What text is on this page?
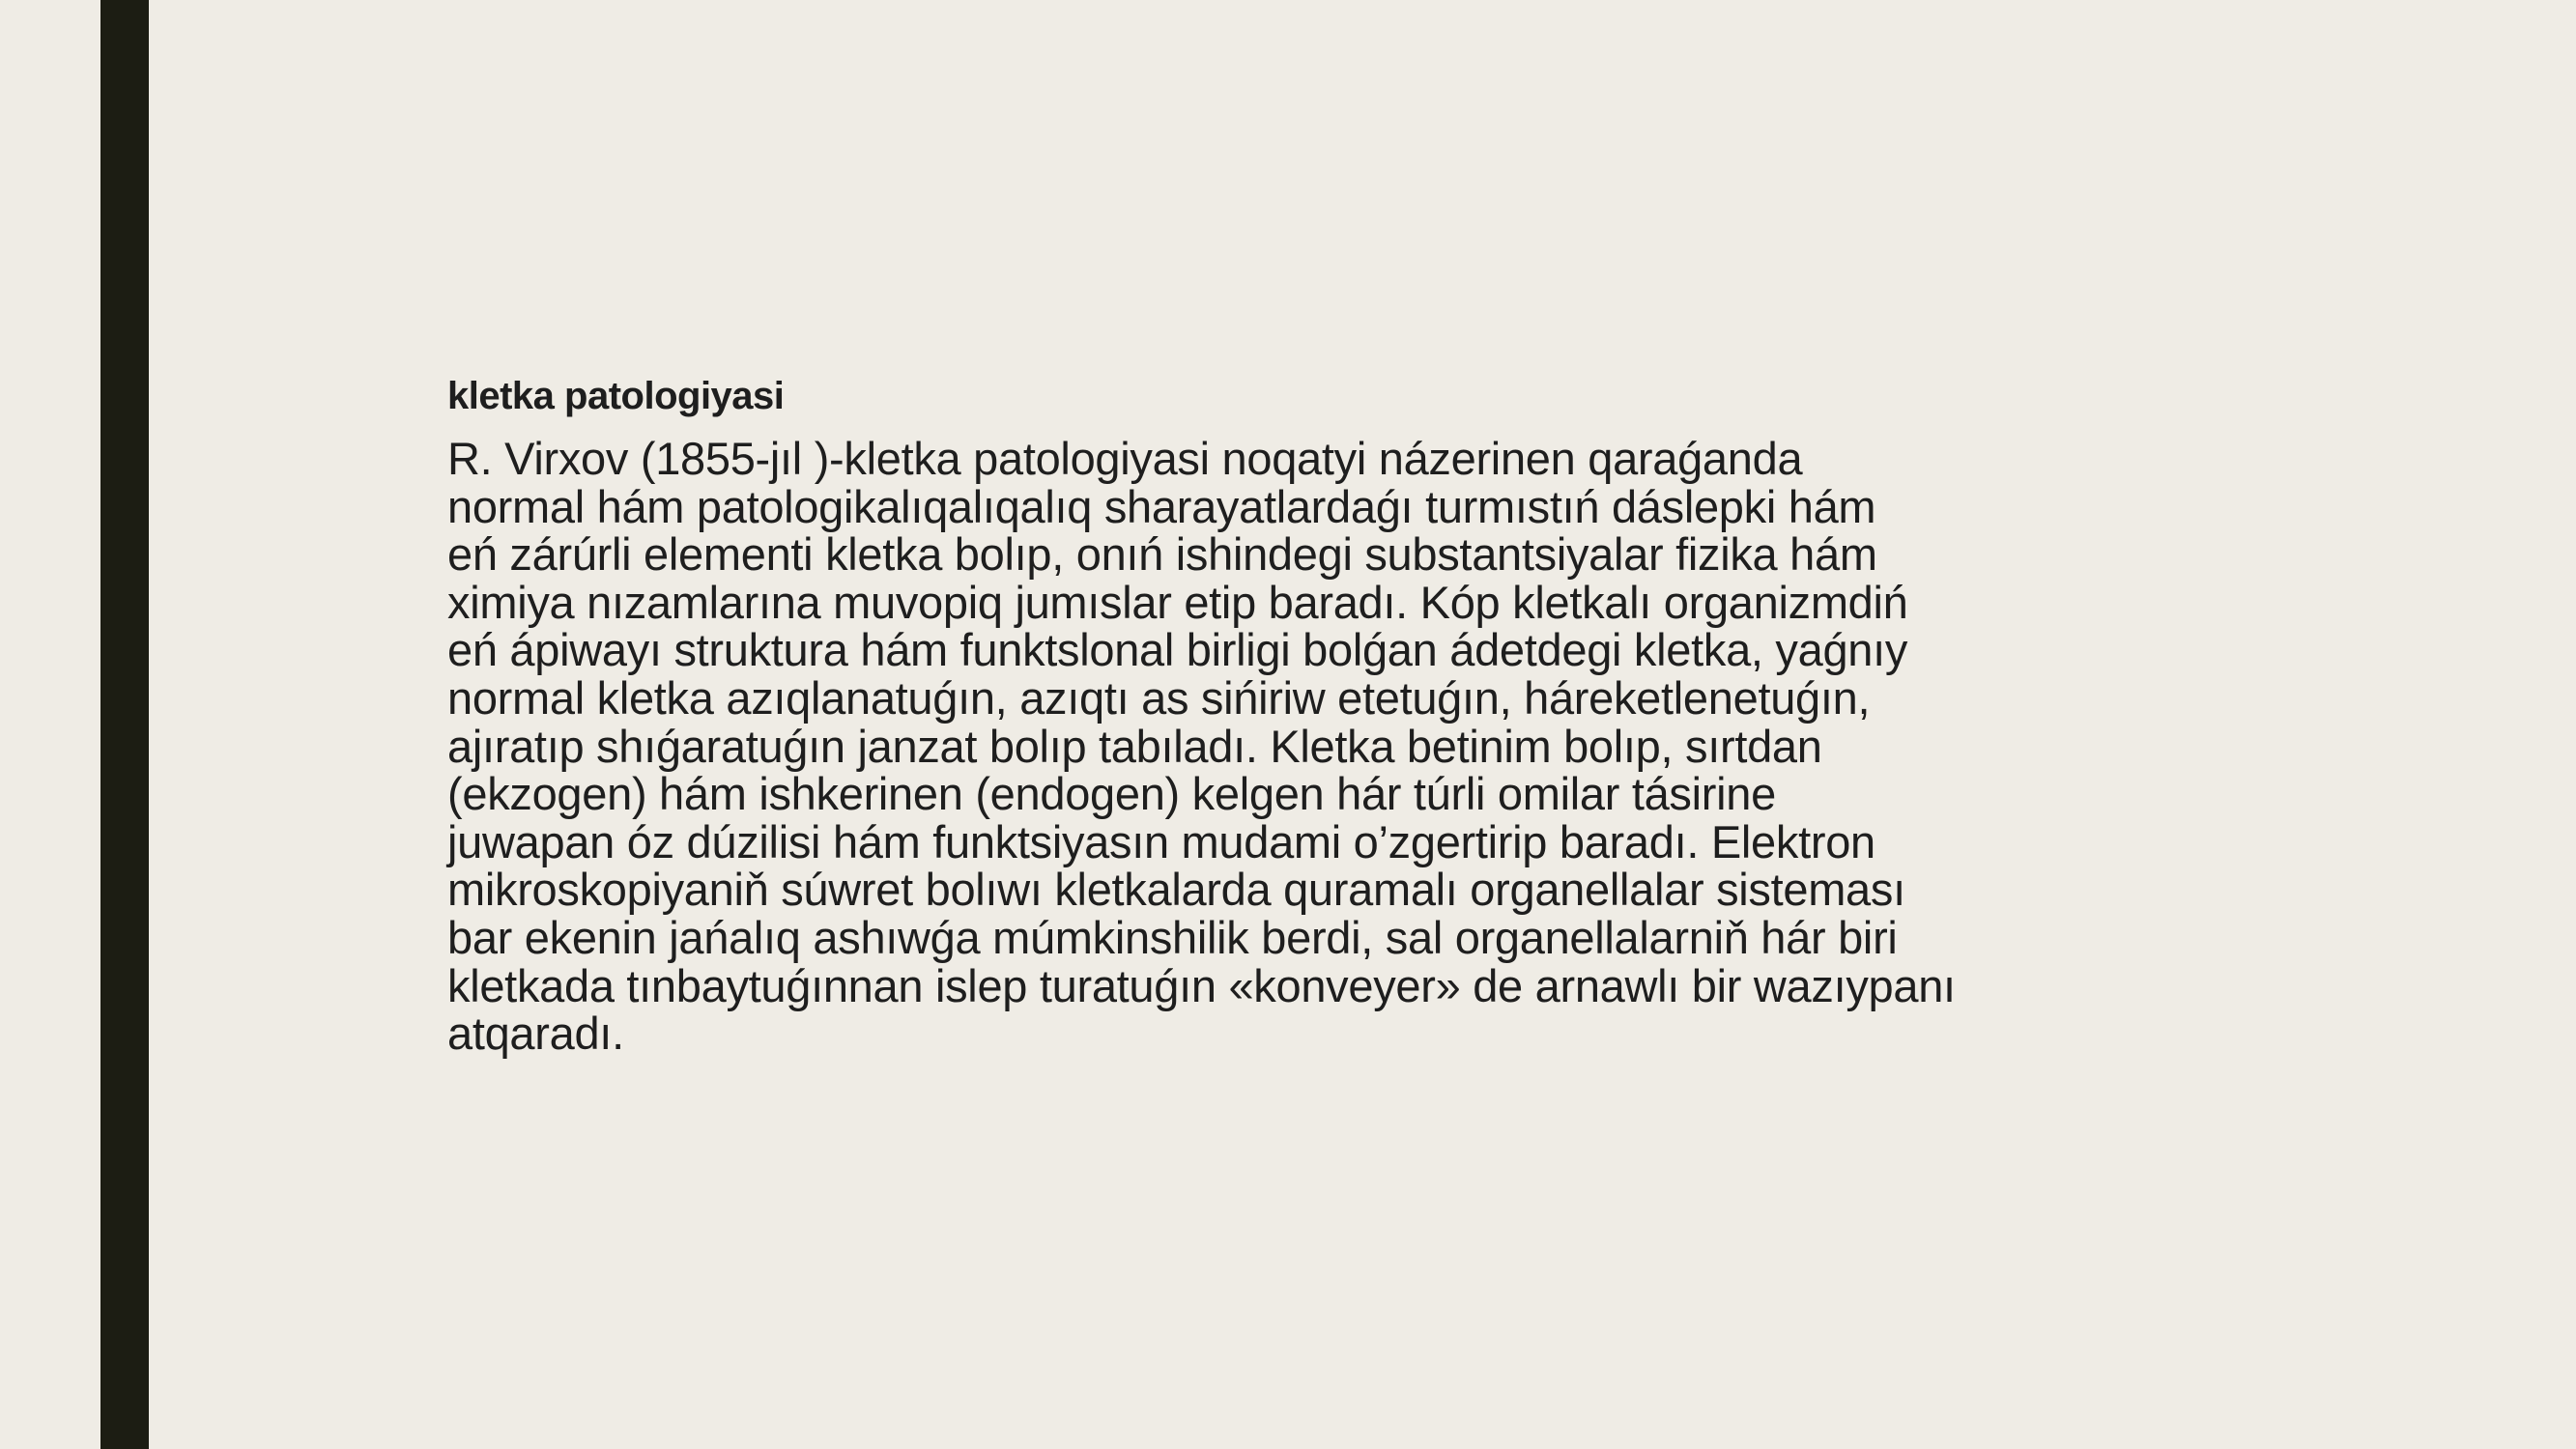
kletka patologiyasi
R. Virxov (1855-jıl )-kletka patologiyasi noqatyi názerinen qaraǵanda
normal hám patologikalıqalıqalıq sharayatlardaǵı turmıstıń dáslepki hám
eń zárúrli elementi kletka bolıp, onıń ishindegi substantsiyalar fizika hám
ximiya nızamlarına muvopiq jumıslar etip baradı. Kóp kletkalı organizmdiń
eń ápiwayı struktura hám funktslonal birligi bolǵan ádetdegi kletka, yaǵnıy
normal kletka azıqlanatuǵın, azıqtı as sińiriw etetuǵın, háreketlenetuǵın,
ajıratıp shıǵaratuǵın janzat bolıp tabıladı. Kletka betinim bolıp, sırtdan
(ekzogen) hám ishkerinen (endogen) kelgen hár túrli omilar tásirine
juwapan óz dúzilisi hám funktsiyasın mudami o’zgertirip baradı. Elektron
mikroskopiyaniň súwret bolıwı kletkalarda quramalı organellalar sisteması
bar ekenin jańalıq ashıwǵa múmkinshilik berdi, sal organellalarniň hár biri
kletkada tınbaytuǵınnan islep turatuǵın «konveyer» de arnawlı bir wazıypanı
atqaradı.
